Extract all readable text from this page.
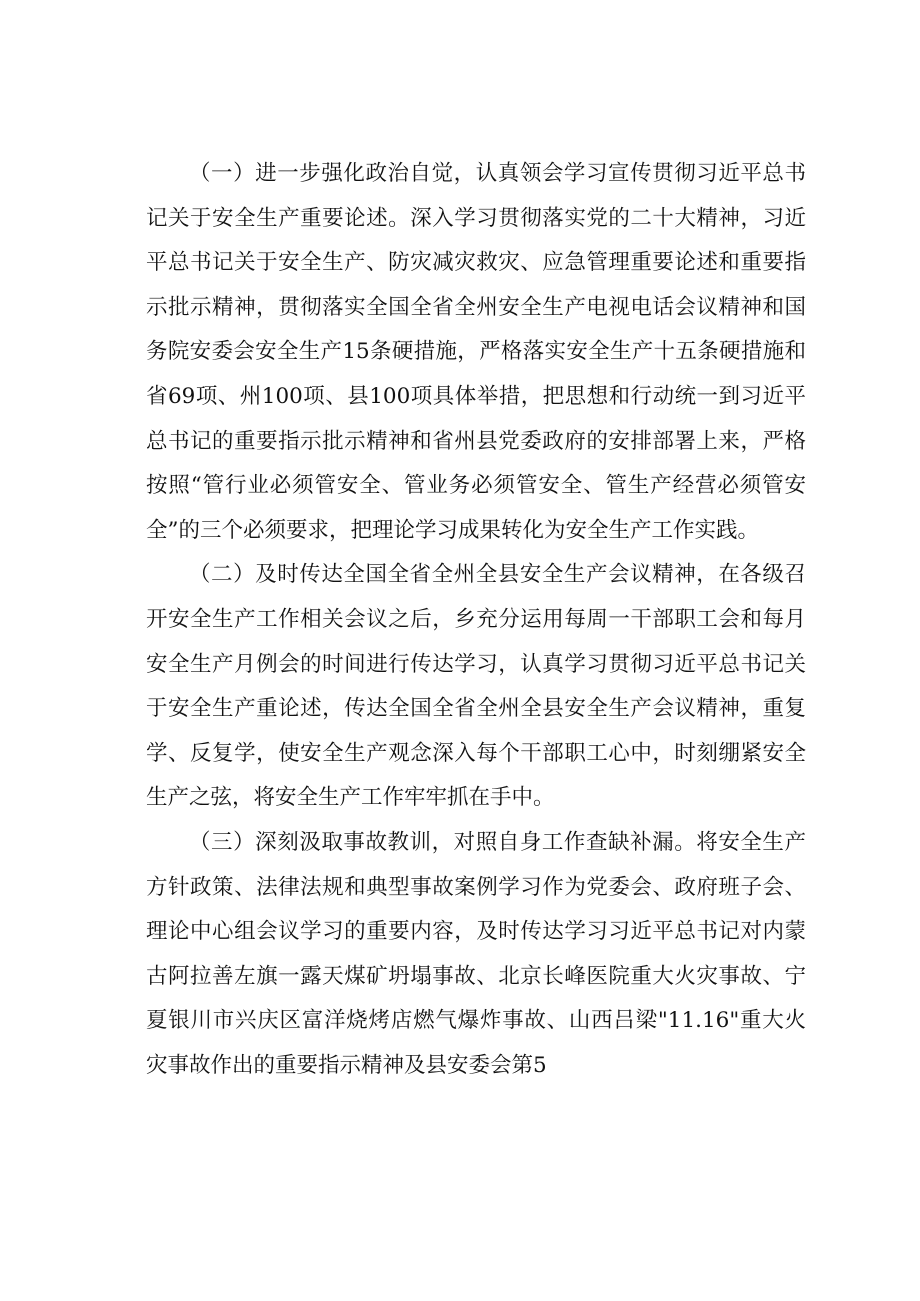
（一）进一步强化政治自觉，认真领会学习宣传贯彻习近平总书记关于安全生产重要论述。深入学习贯彻落实党的二十大精神，习近平总书记关于安全生产、防灾减灾救灾、应急管理重要论述和重要指示批示精神，贯彻落实全国全省全州安全生产电视电话会议精神和国务院安委会安全生产15条硬措施，严格落实安全生产十五条硬措施和省69项、州100项、县100项具体举措，把思想和行动统一到习近平总书记的重要指示批示精神和省州县党委政府的安排部署上来，严格按照“管行业必须管安全、管业务必须管安全、管生产经营必须管安全”的三个必须要求，把理论学习成果转化为安全生产工作实践。

（二）及时传达全国全省全州全县安全生产会议精神，在各级召开安全生产工作相关会议之后，乡充分运用每周一干部职工会和每月安全生产月例会的时间进行传达学习，认真学习贯彻习近平总书记关于安全生产重论述，传达全国全省全州全县安全生产会议精神，重复学、反复学，使安全生产观念深入每个干部职工心中，时刻绷紧安全生产之弦，将安全生产工作牢牢抓在手中。

（三）深刻汲取事故教训，对照自身工作查缺补漏。将安全生产方针政策、法律法规和典型事故案例学习作为党委会、政府班子会、理论中心组会议学习的重要内容，及时传达学习习近平总书记对内蒙古阿拉善左旗一露天煤矿坍塌事故、北京长峰医院重大火灾事故、宁夏银川市兴庆区富洋烧烤店燃气爆炸事故、山西吕梁"11.16"重大火灾事故作出的重要指示精神及县安委会第5
